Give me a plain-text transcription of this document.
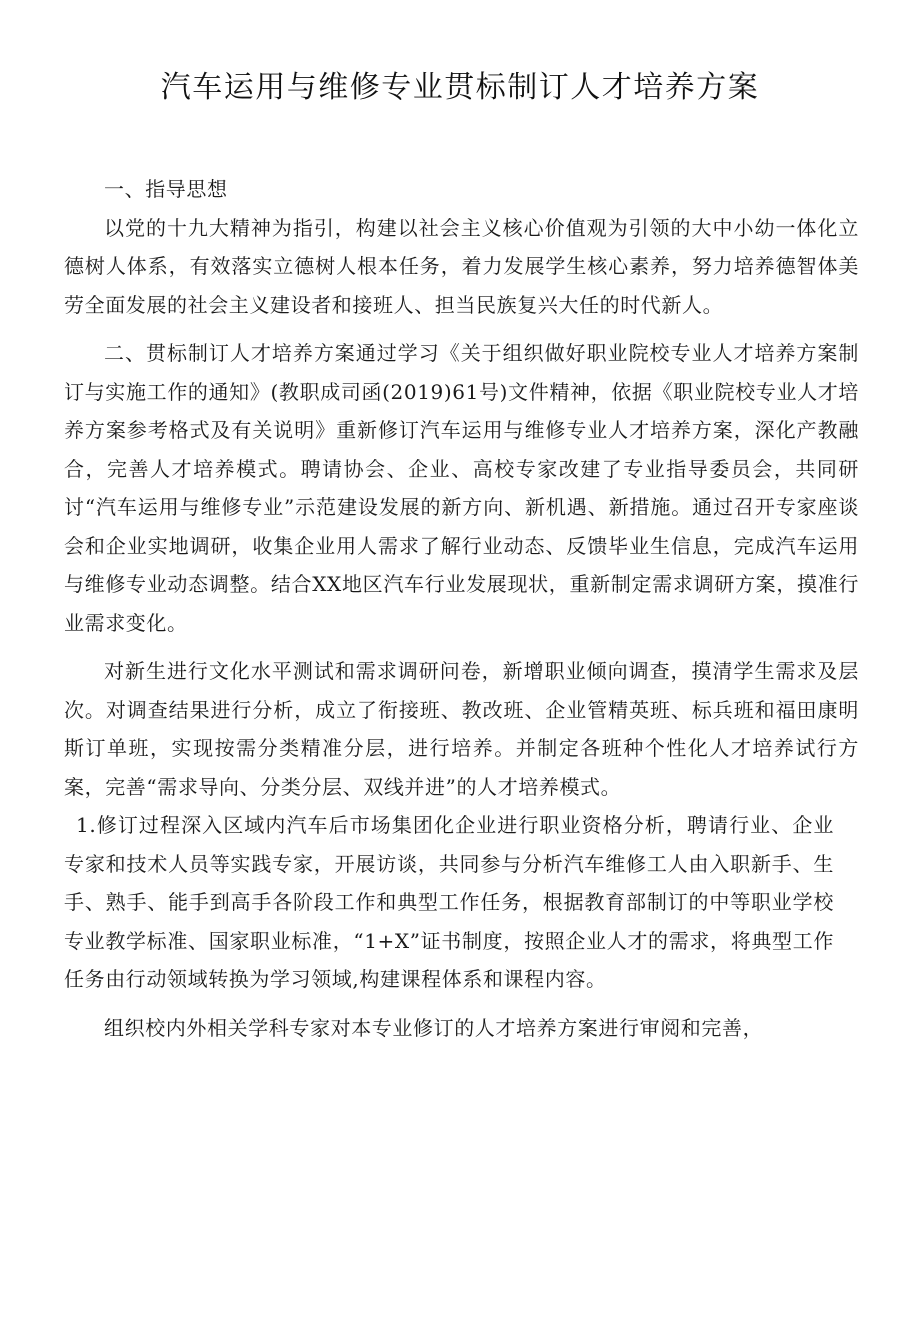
汽车运用与维修专业贯标制订人才培养方案

一、指导思想

以党的十九大精神为指引，构建以社会主义核心价值观为引领的大中小幼一体化立德树人体系，有效落实立德树人根本任务，着力发展学生核心素养，努力培养德智体美劳全面发展的社会主义建设者和接班人、担当民族复兴大任的时代新人。

二、贯标制订人才培养方案通过学习《关于组织做好职业院校专业人才培养方案制订与实施工作的通知》(教职成司函(2019)61号)文件精神，依据《职业院校专业人才培养方案参考格式及有关说明》重新修订汽车运用与维修专业人才培养方案，深化产教融合，完善人才培养模式。聘请协会、企业、高校专家改建了专业指导委员会，共同研讨“汽车运用与维修专业”示范建设发展的新方向、新机遇、新措施。通过召开专家座谈会和企业实地调研，收集企业用人需求了解行业动态、反馈毕业生信息，完成汽车运用与维修专业动态调整。结合XX地区汽车行业发展现状，重新制定需求调研方案，摸准行业需求变化。

对新生进行文化水平测试和需求调研问卷，新增职业倾向调查，摸清学生需求及层次。对调查结果进行分析，成立了衔接班、教改班、企业管精英班、标兵班和福田康明斯订单班，实现按需分类精准分层，进行培养。并制定各班种个性化人才培养试行方案，完善“需求导向、分类分层、双线并进”的人才培养模式。

1.修订过程深入区域内汽车后市场集团化企业进行职业资格分析，聘请行业、企业专家和技术人员等实践专家，开展访谈，共同参与分析汽车维修工人由入职新手、生手、熟手、能手到高手各阶段工作和典型工作任务，根据教育部制订的中等职业学校专业教学标准、国家职业标准，“1+X”证书制度，按照企业人才的需求，将典型工作任务由行动领域转换为学习领域,构建课程体系和课程内容。

组织校内外相关学科专家对本专业修订的人才培养方案进行审阅和完善，
